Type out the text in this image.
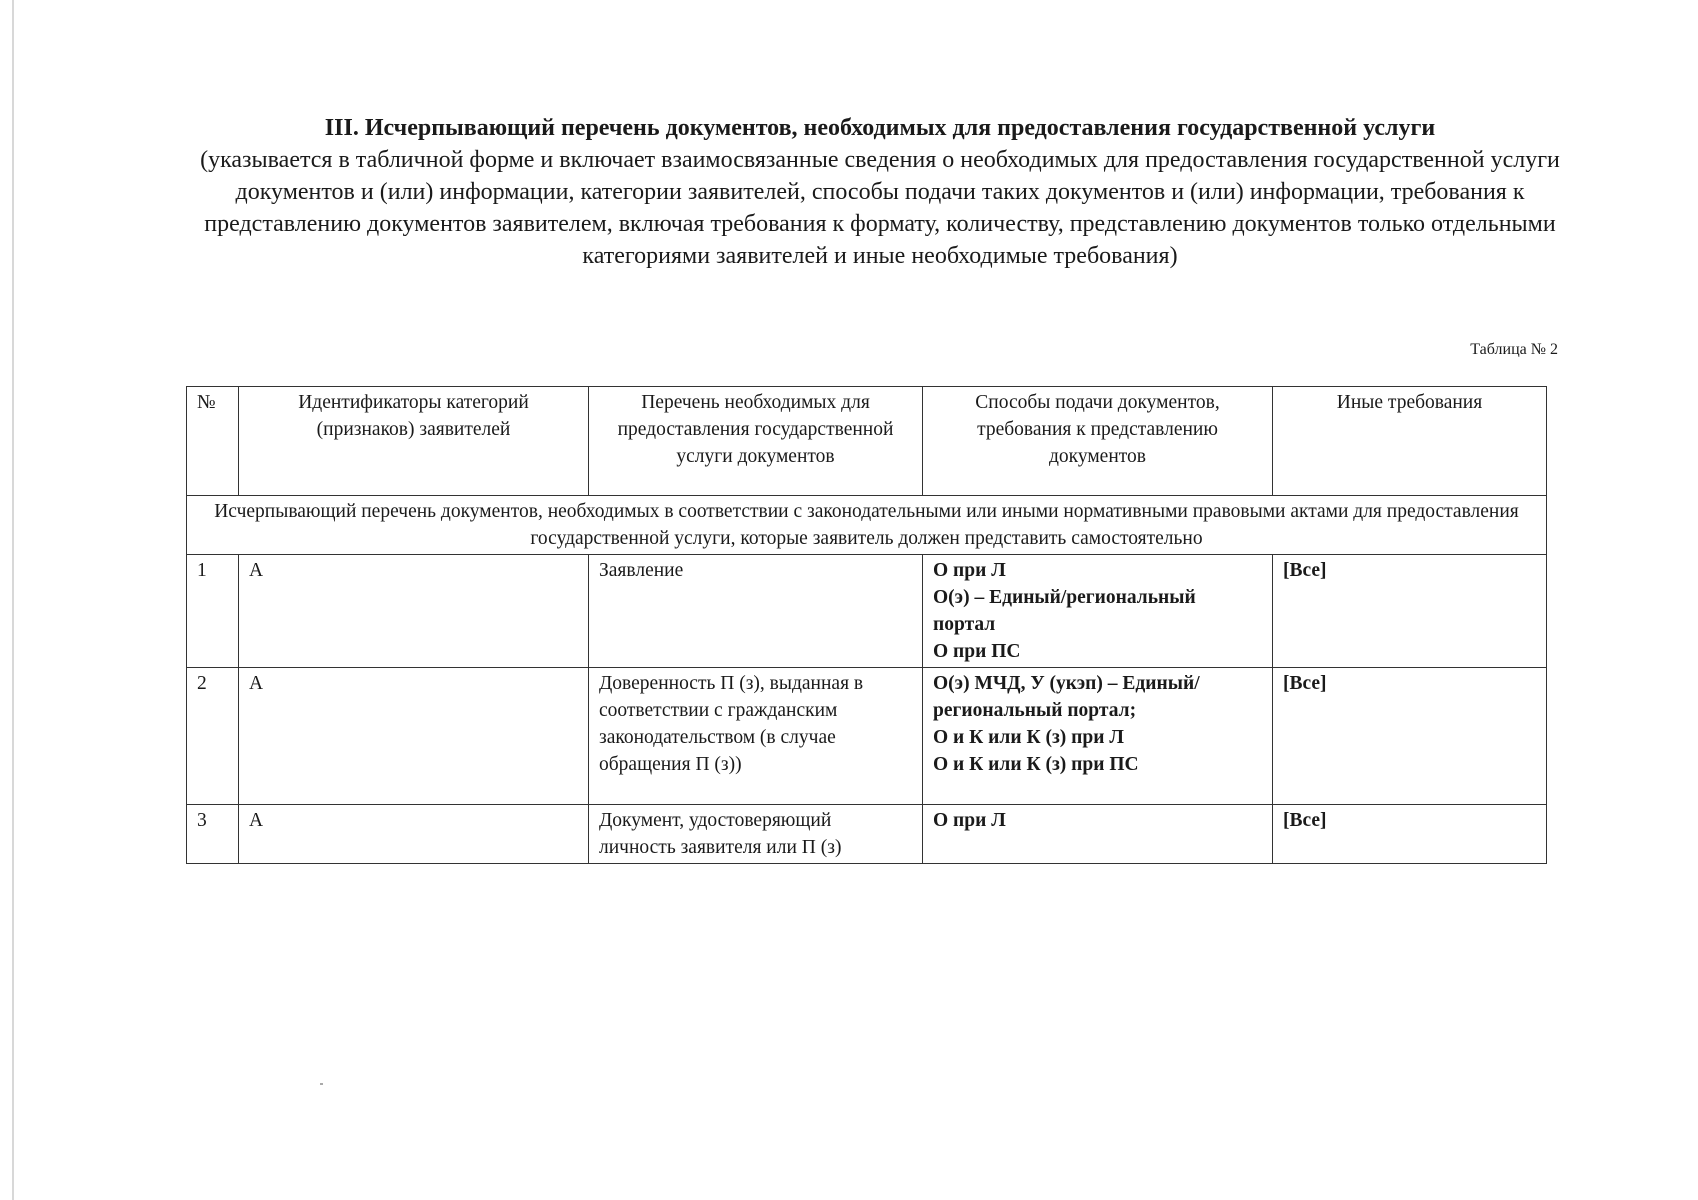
III. Исчерпывающий перечень документов, необходимых для предоставления государственной услуги
(указывается в табличной форме и включает взаимосвязанные сведения о необходимых для предоставления государственной услуги документов и (или) информации, категории заявителей, способы подачи таких документов и (или) информации, требования к представлению документов заявителем, включая требования к формату, количеству, представлению документов только отдельными категориями заявителей и иные необходимые требования)
Таблица № 2
№	Идентификаторы категорий (признаков) заявителей	Перечень необходимых для предоставления государственной услуги документов	Способы подачи документов, требования к представлению документов	Иные требования
Исчерпывающий перечень документов, необходимых в соответствии с законодательными или иными нормативными правовыми актами для предоставления государственной услуги, которые заявитель должен представить самостоятельно				
1	А	Заявление	О при Л
О(э) – Единый/региональный портал
О при ПС	[Все]
2	А	Доверенность П (з), выданная в соответствии с гражданским законодательством (в случае обращения П (з))	О(э) МЧД, У (укэп) – Единый/региональный портал;
О и К или К (з) при Л
О и К или К (з) при ПС	[Все]
3	А	Документ, удостоверяющий личность заявителя или П (з)	О при Л	[Все]
